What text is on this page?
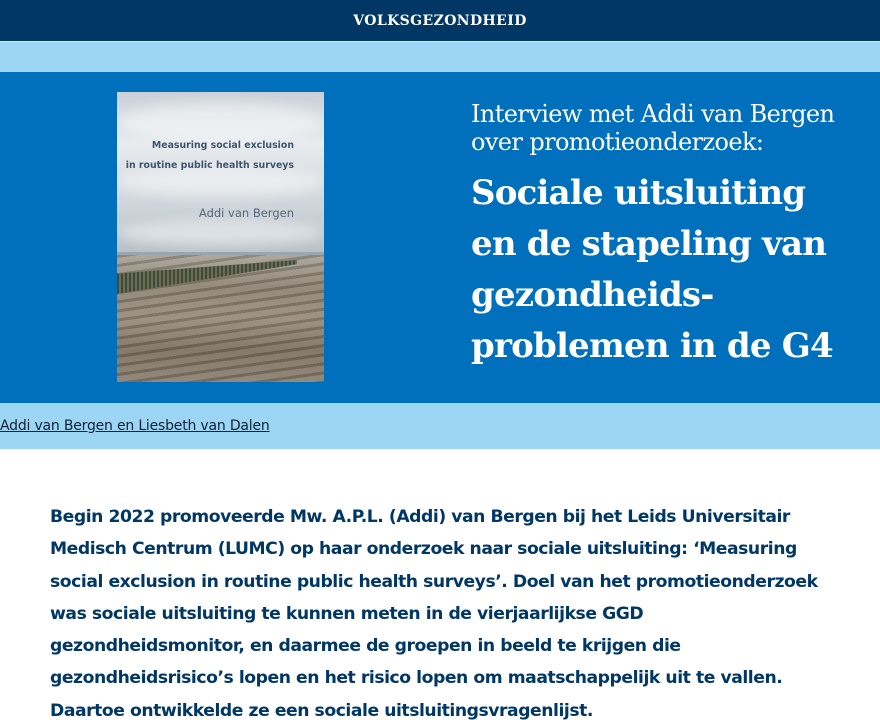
VOLKSGEZONDHEID
Measuring social exclusion
in routine public health surveys
Addi van Bergen
Interview met Addi van Bergen
over promotieonderzoek:
Sociale uitsluiting
en de stapeling van
gezondheids-
problemen in de G4
Addi van Bergen en Liesbeth van Dalen

Begin 2022 promoveerde Mw. A.P.L. (Addi) van Bergen bij het Leids Universitair Medisch Centrum (LUMC) op haar onderzoek naar sociale uitsluiting: ‘Measuring social exclusion in routine public health surveys’. Doel van het promotieonderzoek was sociale uitsluiting te kunnen meten in de vierjaarlijkse GGD gezondheidsmonitor, en daarmee de groepen in beeld te krijgen die gezondheidsrisico’s lopen en het risico lopen om maatschappelijk uit te vallen. Daartoe ontwikkelde ze een sociale uitsluitingsvragenlijst.
